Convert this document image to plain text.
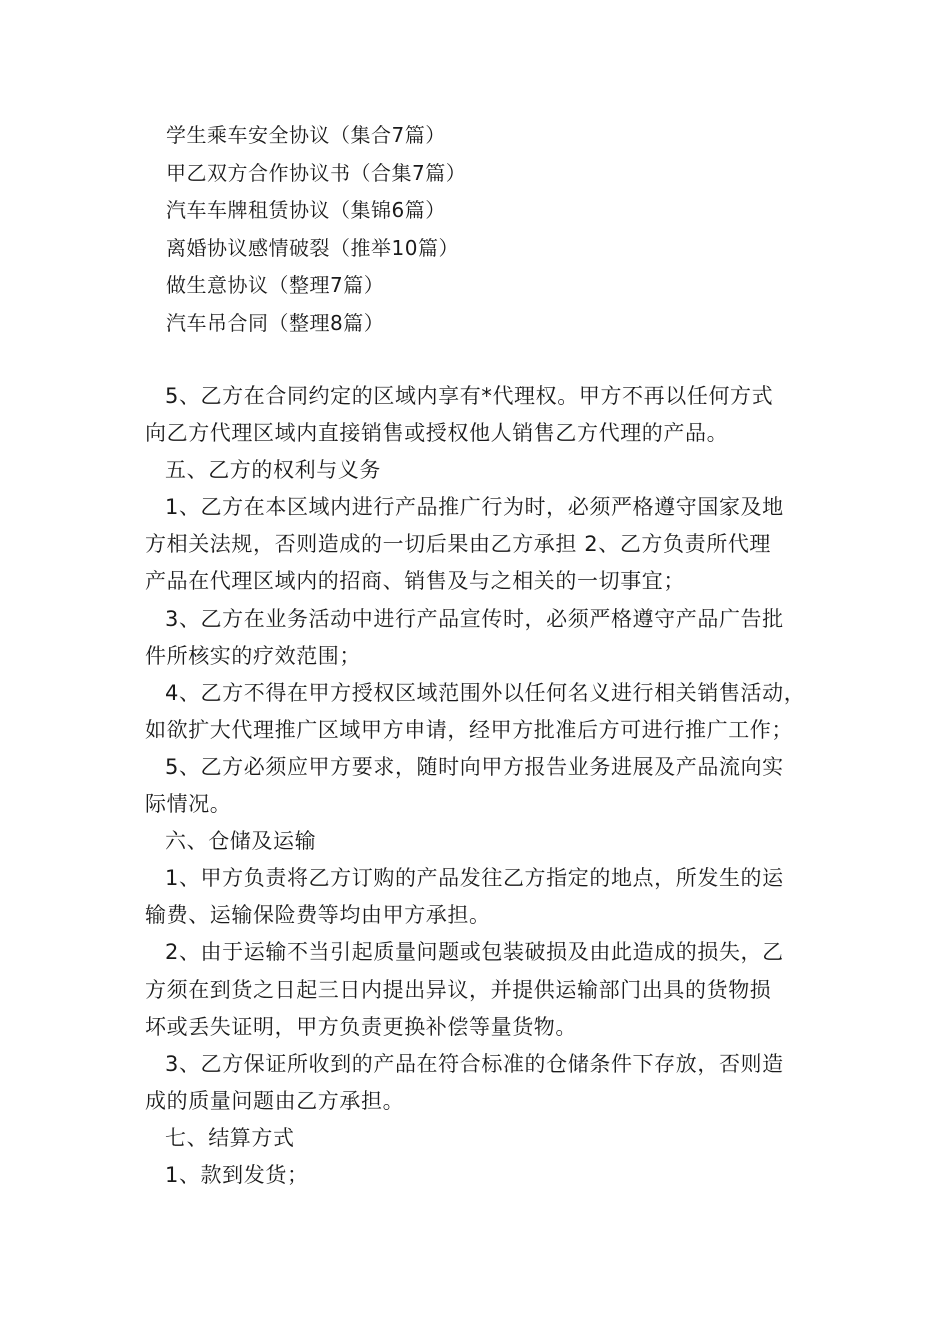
学生乘车安全协议（集合7篇）
甲乙双方合作协议书（合集7篇）
汽车车牌租赁协议（集锦6篇）
离婚协议感情破裂（推举10篇）
做生意协议（整理7篇）
汽车吊合同（整理8篇）
5、乙方在合同约定的区域内享有*代理权。甲方不再以任何方式
向乙方代理区域内直接销售或授权他人销售乙方代理的产品。
五、乙方的权利与义务
1、乙方在本区域内进行产品推广行为时，必须严格遵守国家及地
方相关法规，否则造成的一切后果由乙方承担 2、乙方负责所代理
产品在代理区域内的招商、销售及与之相关的一切事宜；
3、乙方在业务活动中进行产品宣传时，必须严格遵守产品广告批
件所核实的疗效范围；
4、乙方不得在甲方授权区域范围外以任何名义进行相关销售活动，
如欲扩大代理推广区域甲方申请，经甲方批准后方可进行推广工作；
5、乙方必须应甲方要求，随时向甲方报告业务进展及产品流向实
际情况。
六、仓储及运输
1、甲方负责将乙方订购的产品发往乙方指定的地点，所发生的运
输费、运输保险费等均由甲方承担。
2、由于运输不当引起质量问题或包装破损及由此造成的损失，乙
方须在到货之日起三日内提出异议，并提供运输部门出具的货物损
坏或丢失证明，甲方负责更换补偿等量货物。
3、乙方保证所收到的产品在符合标准的仓储条件下存放，否则造
成的质量问题由乙方承担。
七、结算方式
1、款到发货；
